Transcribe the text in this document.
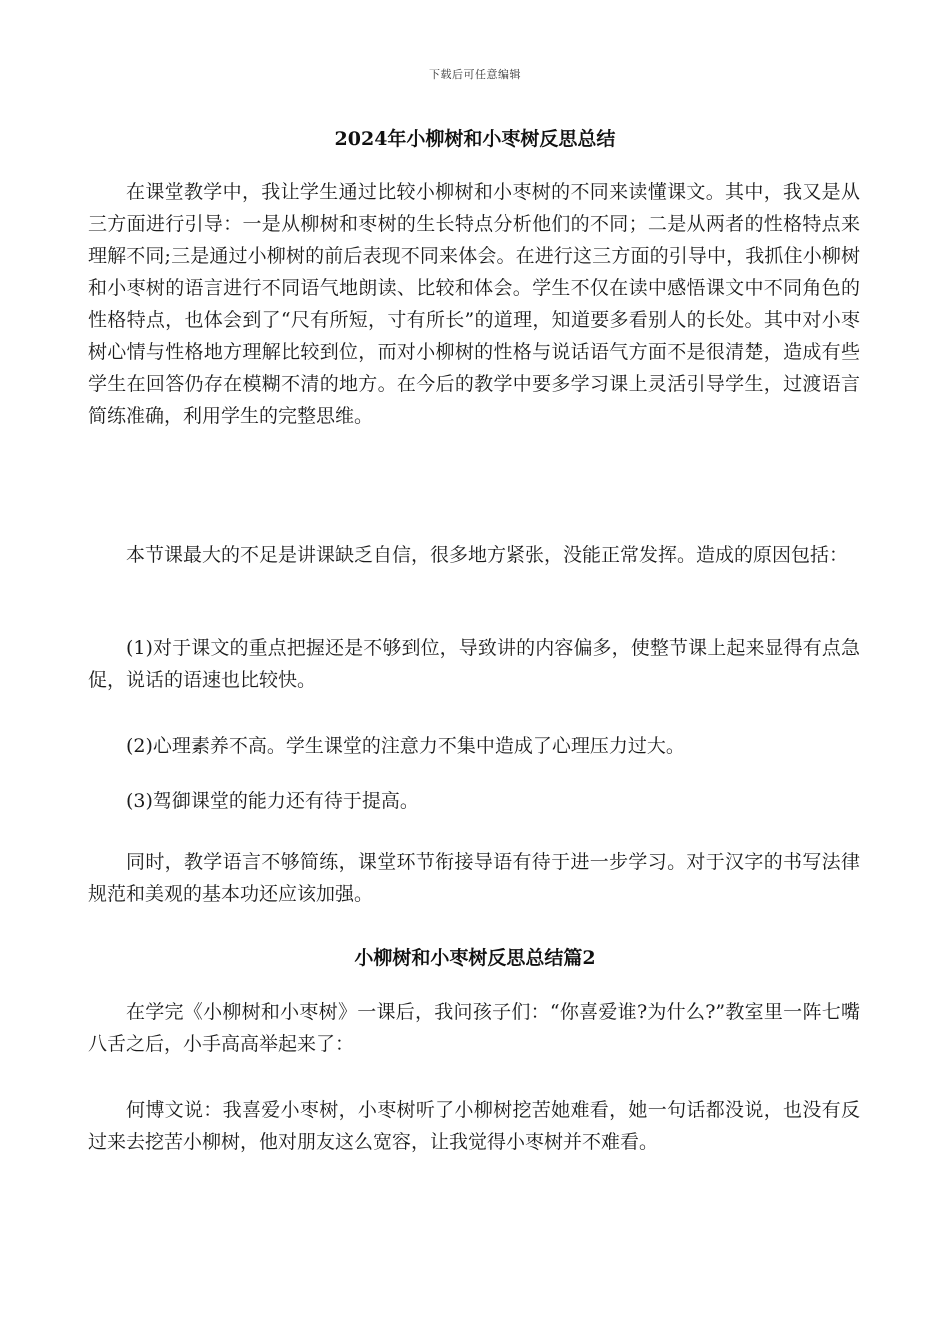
下载后可任意编辑
2024年小柳树和小枣树反思总结

在课堂教学中，我让学生通过比较小柳树和小枣树的不同来读懂课文。其中，我又是从三方面进行引导：一是从柳树和枣树的生长特点分析他们的不同；二是从两者的性格特点来理解不同;三是通过小柳树的前后表现不同来体会。在进行这三方面的引导中，我抓住小柳树和小枣树的语言进行不同语气地朗读、比较和体会。学生不仅在读中感悟课文中不同角色的性格特点，也体会到了“尺有所短，寸有所长”的道理，知道要多看别人的长处。其中对小枣树心情与性格地方理解比较到位，而对小柳树的性格与说话语气方面不是很清楚，造成有些学生在回答仍存在模糊不清的地方。在今后的教学中要多学习课上灵活引导学生，过渡语言简练准确，利用学生的完整思维。

本节课最大的不足是讲课缺乏自信，很多地方紧张，没能正常发挥。造成的原因包括：

(1)对于课文的重点把握还是不够到位，导致讲的内容偏多，使整节课上起来显得有点急促，说话的语速也比较快。

(2)心理素养不高。学生课堂的注意力不集中造成了心理压力过大。

(3)驾御课堂的能力还有待于提高。

同时，教学语言不够简练，课堂环节衔接导语有待于进一步学习。对于汉字的书写法律规范和美观的基本功还应该加强。

小柳树和小枣树反思总结篇2

在学完《小柳树和小枣树》一课后，我问孩子们：“你喜爱谁?为什么?”教室里一阵七嘴八舌之后，小手高高举起来了：

何博文说：我喜爱小枣树，小枣树听了小柳树挖苦她难看，她一句话都没说，也没有反过来去挖苦小柳树，他对朋友这么宽容，让我觉得小枣树并不难看。
